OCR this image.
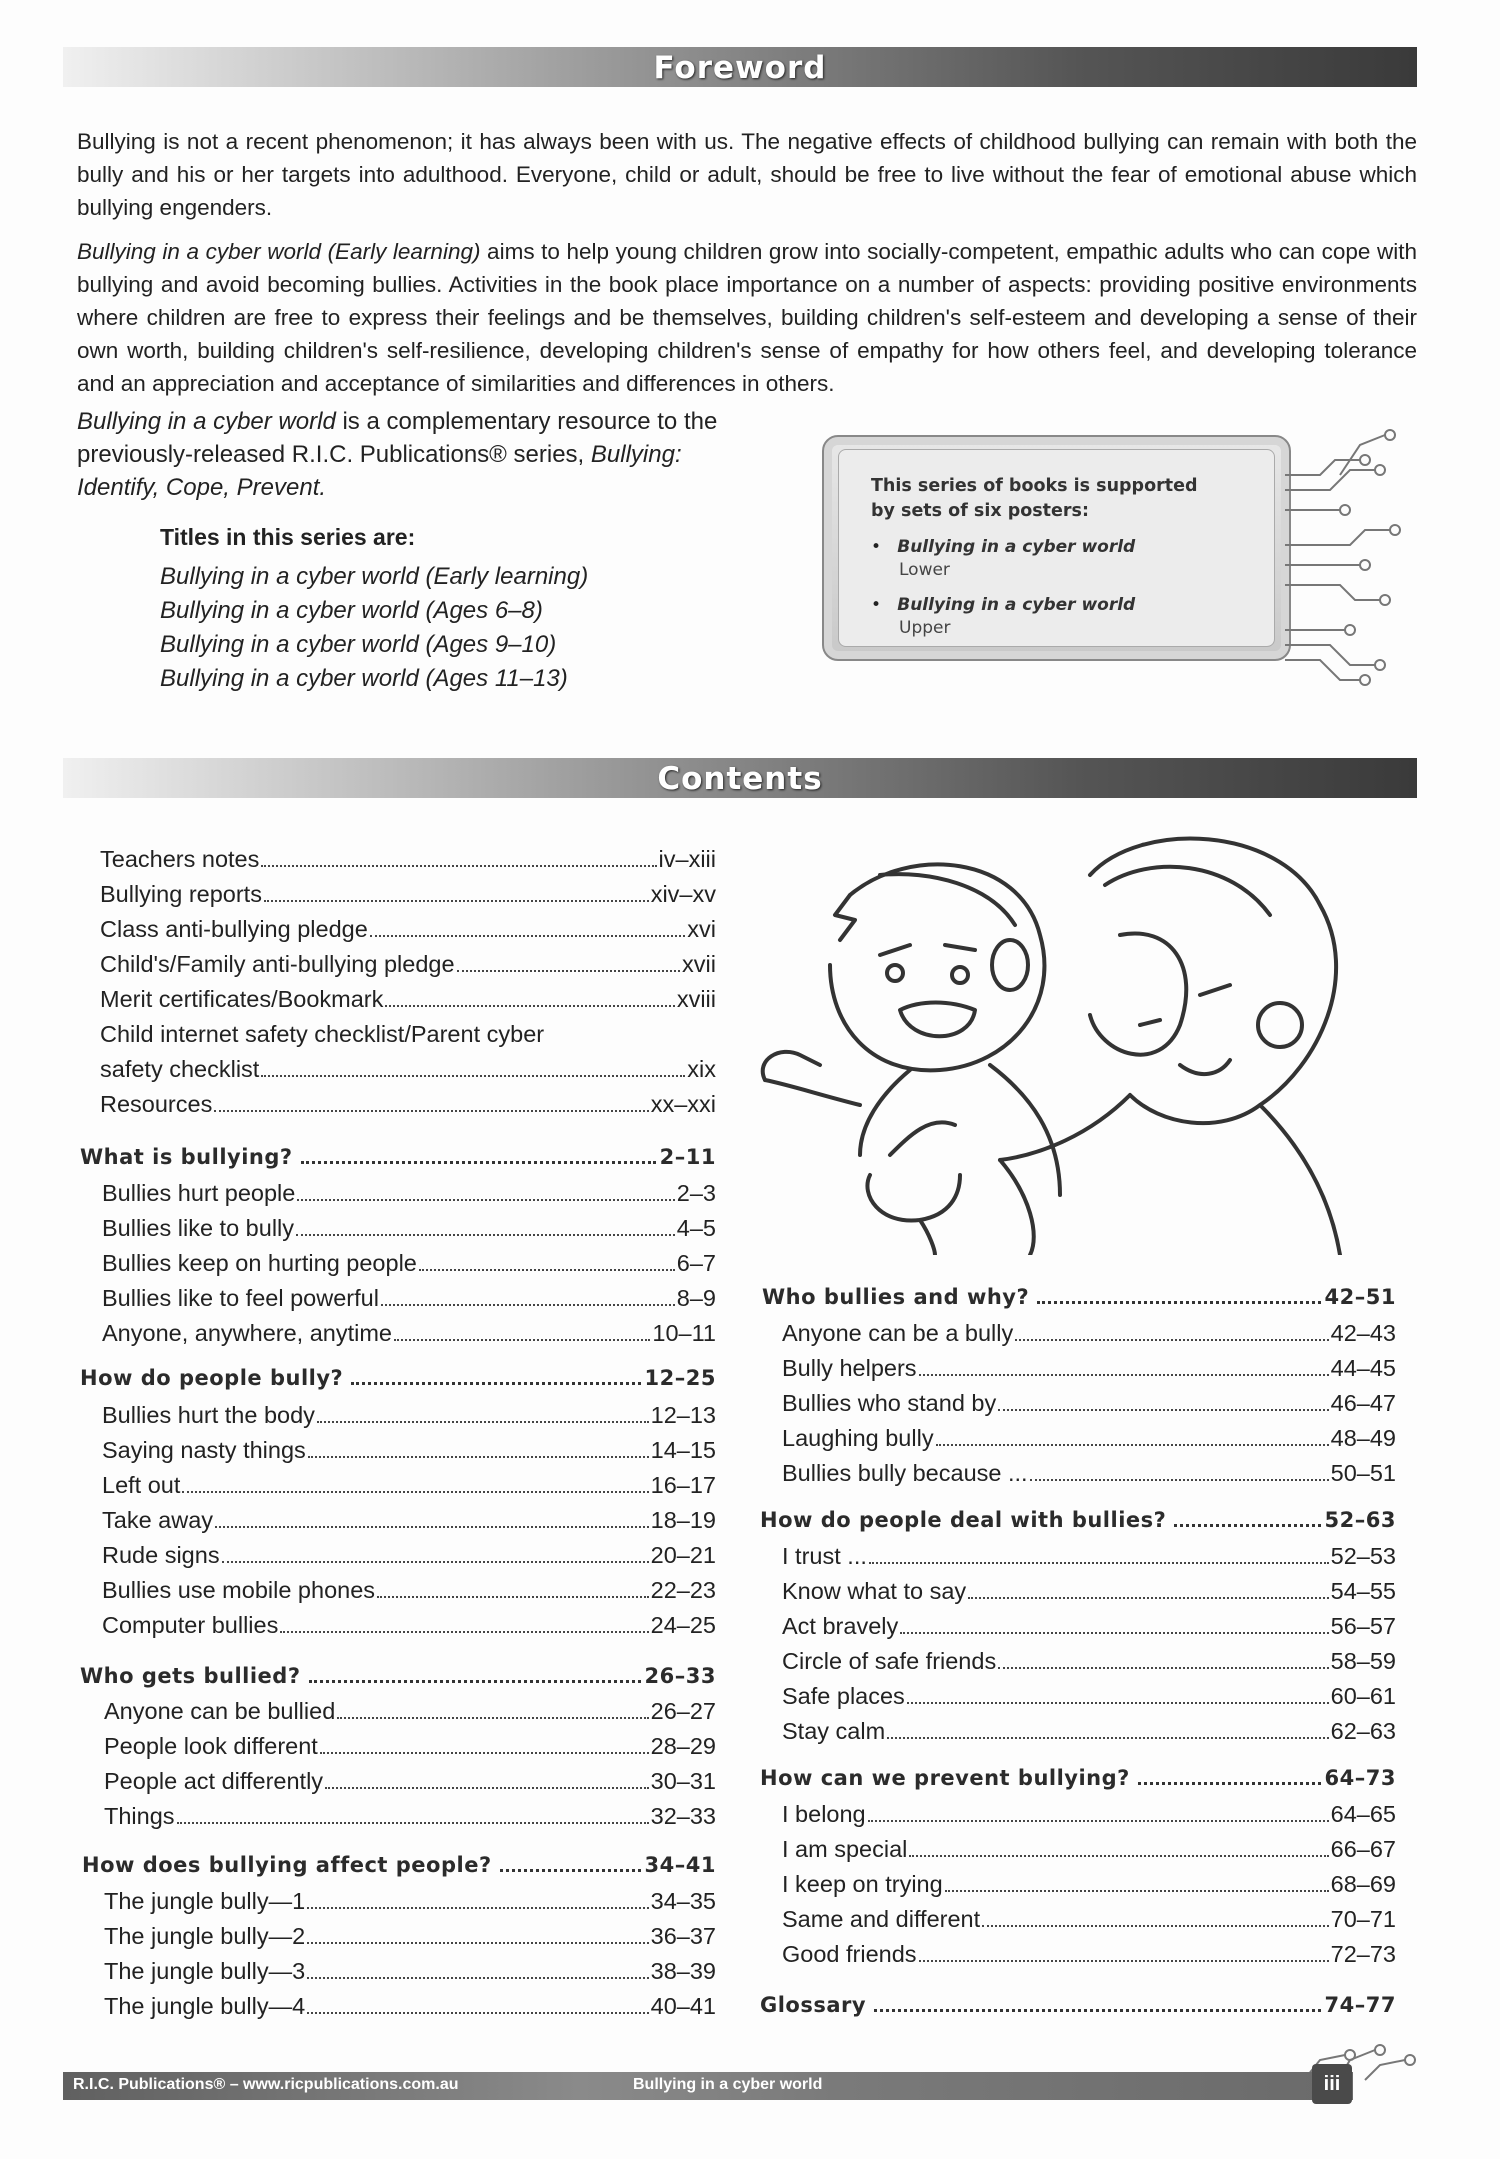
Foreword

Bullying is not a recent phenomenon; it has always been with us. The negative effects of childhood bullying can remain with both the bully and his or her targets into adulthood. Everyone, child or adult, should be free to live without the fear of emotional abuse which bullying engenders.

Bullying in a cyber world (Early learning) aims to help young children grow into socially-competent, empathic adults who can cope with bullying and avoid becoming bullies. Activities in the book place importance on a number of aspects: providing positive environments where children are free to express their feelings and be themselves, building children's self-esteem and developing a sense of their own worth, building children's self-resilience, developing children's sense of empathy for how others feel, and developing tolerance and an appreciation and acceptance of similarities and differences in others.

Bullying in a cyber world is a complementary resource to the previously-released R.I.C. Publications® series, Bullying: Identify, Cope, Prevent.
Titles in this series are:
Bullying in a cyber world (Early learning)
Bullying in a cyber world (Ages 6–8)
Bullying in a cyber world (Ages 9–10)
Bullying in a cyber world (Ages 11–13)
This series of books is supported
by sets of six posters:
•   Bullying in a cyber world
Lower
•   Bullying in a cyber world
Upper
Contents
Teachers notes	iv–xiii
Bullying reports	xiv–xv
Class anti-bullying pledge	xvi
Child's/Family anti-bullying pledge	xvii
Merit certificates/Bookmark	xviii
Child internet safety checklist/Parent cyber
safety checklist	xix
Resources	xx–xxi
What is bullying?	2–11
Bullies hurt people	2–3
Bullies like to bully	4–5
Bullies keep on hurting people	6–7
Bullies like to feel powerful	8–9
Anyone, anywhere, anytime	10–11
How do people bully?	12–25
Bullies hurt the body	12–13
Saying nasty things	14–15
Left out	16–17
Take away	18–19
Rude signs	20–21
Bullies use mobile phones	22–23
Computer bullies	24–25
Who gets bullied?	26–33
Anyone can be bullied	26–27
People look different	28–29
People act differently	30–31
Things	32–33
How does bullying affect people?	34–41
The jungle bully—1	34–35
The jungle bully—2	36–37
The jungle bully—3	38–39
The jungle bully—4	40–41
Who bullies and why?	42–51
Anyone can be a bully	42–43
Bully helpers	44–45
Bullies who stand by	46–47
Laughing bully	48–49
Bullies bully because ...	50–51
How do people deal with bullies?	52–63
I trust ...	52–53
Know what to say	54–55
Act bravely	56–57
Circle of safe friends	58–59
Safe places	60–61
Stay calm	62–63
How can we prevent bullying?	64–73
I belong	64–65
I am special	66–67
I keep on trying	68–69
Same and different	70–71
Good friends	72–73
Glossary	74–77
R.I.C. Publications® – www.ricpublications.com.au	Bullying in a cyber world	iii
